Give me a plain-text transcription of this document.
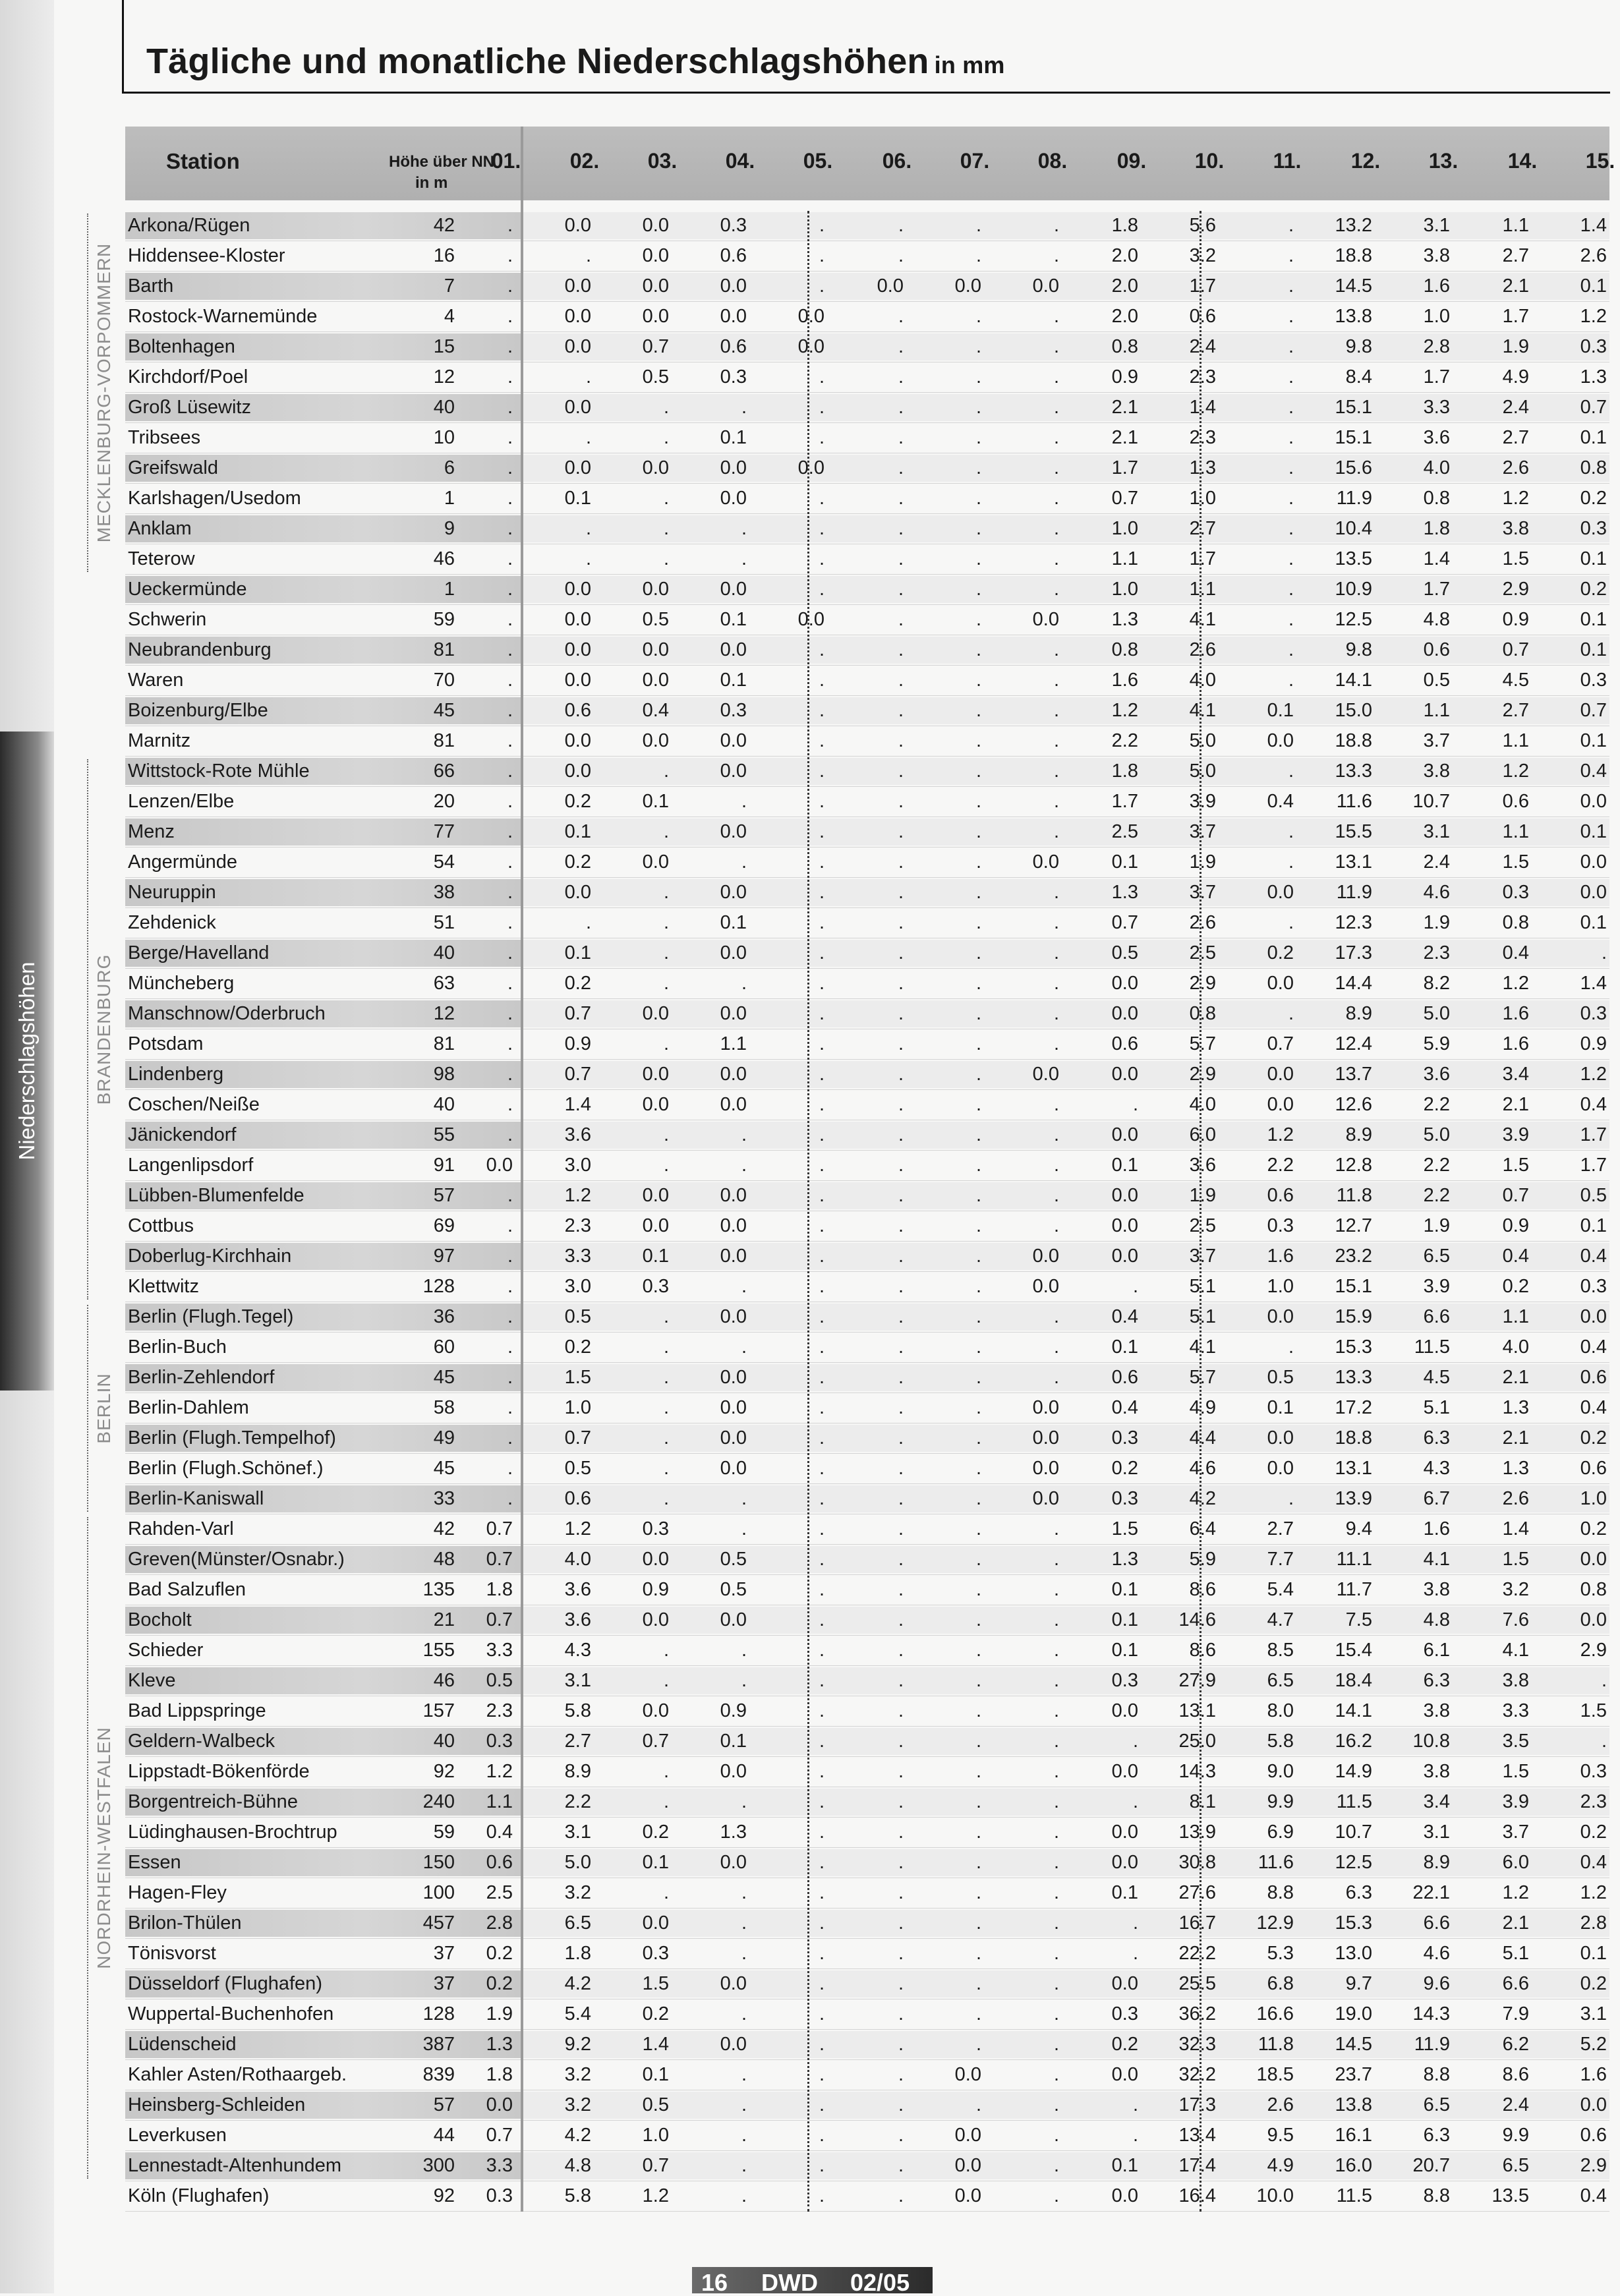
Niederschlagshöhen
Tägliche und monatliche Niederschlagshöhen in mm
Station	Höhe über NN
in m
01. 02. 03. 04. 05. 06. 07. 08. 09. 10. 11. 12. 13. 14. 15.
Arkona/Rügen	42	.	0.0	0.0	0.3	.	.	.	.	1.8	5.6	.	13.2	3.1	1.1	1.4
Hiddensee-Kloster	16	.	.	0.0	0.6	.	.	.	.	2.0	3.2	.	18.8	3.8	2.7	2.6
Barth	7	.	0.0	0.0	0.0	.	0.0	0.0	0.0	2.0	1.7	.	14.5	1.6	2.1	0.1
Rostock-Warnemünde	4	.	0.0	0.0	0.0	0.0	.	.	.	2.0	0.6	.	13.8	1.0	1.7	1.2
Boltenhagen	15	.	0.0	0.7	0.6	0.0	.	.	.	0.8	2.4	.	9.8	2.8	1.9	0.3
Kirchdorf/Poel	12	.	.	0.5	0.3	.	.	.	.	0.9	2.3	.	8.4	1.7	4.9	1.3
Groß Lüsewitz	40	.	0.0	.	.	.	.	.	.	2.1	1.4	.	15.1	3.3	2.4	0.7
Tribsees	10	.	.	.	0.1	.	.	.	.	2.1	2.3	.	15.1	3.6	2.7	0.1
Greifswald	6	.	0.0	0.0	0.0	0.0	.	.	.	1.7	1.3	.	15.6	4.0	2.6	0.8
Karlshagen/Usedom	1	.	0.1	.	0.0	.	.	.	.	0.7	1.0	.	11.9	0.8	1.2	0.2
Anklam	9	.	.	.	.	.	.	.	.	1.0	2.7	.	10.4	1.8	3.8	0.3
Teterow	46	.	.	.	.	.	.	.	.	1.1	1.7	.	13.5	1.4	1.5	0.1
Ueckermünde	1	.	0.0	0.0	0.0	.	.	.	.	1.0	1.1	.	10.9	1.7	2.9	0.2
Schwerin	59	.	0.0	0.5	0.1	0.0	.	.	0.0	1.3	4.1	.	12.5	4.8	0.9	0.1
Neubrandenburg	81	.	0.0	0.0	0.0	.	.	.	.	0.8	2.6	.	9.8	0.6	0.7	0.1
Waren	70	.	0.0	0.0	0.1	.	.	.	.	1.6	4.0	.	14.1	0.5	4.5	0.3
Boizenburg/Elbe	45	.	0.6	0.4	0.3	.	.	.	.	1.2	4.1	0.1	15.0	1.1	2.7	0.7
Marnitz	81	.	0.0	0.0	0.0	.	.	.	.	2.2	5.0	0.0	18.8	3.7	1.1	0.1
Wittstock-Rote Mühle	66	.	0.0	.	0.0	.	.	.	.	1.8	5.0	.	13.3	3.8	1.2	0.4
Lenzen/Elbe	20	.	0.2	0.1	.	.	.	.	.	1.7	3.9	0.4	11.6	10.7	0.6	0.0
Menz	77	.	0.1	.	0.0	.	.	.	.	2.5	3.7	.	15.5	3.1	1.1	0.1
Angermünde	54	.	0.2	0.0	.	.	.	.	0.0	0.1	1.9	.	13.1	2.4	1.5	0.0
Neuruppin	38	.	0.0	.	0.0	.	.	.	.	1.3	3.7	0.0	11.9	4.6	0.3	0.0
Zehdenick	51	.	.	.	0.1	.	.	.	.	0.7	2.6	.	12.3	1.9	0.8	0.1
Berge/Havelland	40	.	0.1	.	0.0	.	.	.	.	0.5	2.5	0.2	17.3	2.3	0.4	.
Müncheberg	63	.	0.2	.	.	.	.	.	.	0.0	2.9	0.0	14.4	8.2	1.2	1.4
Manschnow/Oderbruch	12	.	0.7	0.0	0.0	.	.	.	.	0.0	0.8	.	8.9	5.0	1.6	0.3
Potsdam	81	.	0.9	.	1.1	.	.	.	.	0.6	5.7	0.7	12.4	5.9	1.6	0.9
Lindenberg	98	.	0.7	0.0	0.0	.	.	.	0.0	0.0	2.9	0.0	13.7	3.6	3.4	1.2
Coschen/Neiße	40	.	1.4	0.0	0.0	.	.	.	.	.	4.0	0.0	12.6	2.2	2.1	0.4
Jänickendorf	55	.	3.6	.	.	.	.	.	.	0.0	6.0	1.2	8.9	5.0	3.9	1.7
Langenlipsdorf	91	0.0	3.0	.	.	.	.	.	.	0.1	3.6	2.2	12.8	2.2	1.5	1.7
Lübben-Blumenfelde	57	.	1.2	0.0	0.0	.	.	.	.	0.0	1.9	0.6	11.8	2.2	0.7	0.5
Cottbus	69	.	2.3	0.0	0.0	.	.	.	.	0.0	2.5	0.3	12.7	1.9	0.9	0.1
Doberlug-Kirchhain	97	.	3.3	0.1	0.0	.	.	.	0.0	0.0	3.7	1.6	23.2	6.5	0.4	0.4
Klettwitz	128	.	3.0	0.3	.	.	.	.	0.0	.	5.1	1.0	15.1	3.9	0.2	0.3
Berlin (Flugh.Tegel)	36	.	0.5	.	0.0	.	.	.	.	0.4	5.1	0.0	15.9	6.6	1.1	0.0
Berlin-Buch	60	.	0.2	.	.	.	.	.	.	0.1	4.1	.	15.3	11.5	4.0	0.4
Berlin-Zehlendorf	45	.	1.5	.	0.0	.	.	.	.	0.6	5.7	0.5	13.3	4.5	2.1	0.6
Berlin-Dahlem	58	.	1.0	.	0.0	.	.	.	0.0	0.4	4.9	0.1	17.2	5.1	1.3	0.4
Berlin (Flugh.Tempelhof)	49	.	0.7	.	0.0	.	.	.	0.0	0.3	4.4	0.0	18.8	6.3	2.1	0.2
Berlin (Flugh.Schönef.)	45	.	0.5	.	0.0	.	.	.	0.0	0.2	4.6	0.0	13.1	4.3	1.3	0.6
Berlin-Kaniswall	33	.	0.6	.	.	.	.	.	0.0	0.3	4.2	.	13.9	6.7	2.6	1.0
Rahden-Varl	42	0.7	1.2	0.3	.	.	.	.	.	1.5	6.4	2.7	9.4	1.6	1.4	0.2
Greven(Münster/Osnabr.)	48	0.7	4.0	0.0	0.5	.	.	.	.	1.3	5.9	7.7	11.1	4.1	1.5	0.0
Bad Salzuflen	135	1.8	3.6	0.9	0.5	.	.	.	.	0.1	8.6	5.4	11.7	3.8	3.2	0.8
Bocholt	21	0.7	3.6	0.0	0.0	.	.	.	.	0.1	14.6	4.7	7.5	4.8	7.6	0.0
Schieder	155	3.3	4.3	.	.	.	.	.	.	0.1	8.6	8.5	15.4	6.1	4.1	2.9
Kleve	46	0.5	3.1	.	.	.	.	.	.	0.3	27.9	6.5	18.4	6.3	3.8	.
Bad Lippspringe	157	2.3	5.8	0.0	0.9	.	.	.	.	0.0	13.1	8.0	14.1	3.8	3.3	1.5
Geldern-Walbeck	40	0.3	2.7	0.7	0.1	.	.	.	.	.	25.0	5.8	16.2	10.8	3.5	.
Lippstadt-Bökenförde	92	1.2	8.9	.	0.0	.	.	.	.	0.0	14.3	9.0	14.9	3.8	1.5	0.3
Borgentreich-Bühne	240	1.1	2.2	.	.	.	.	.	.	.	8.1	9.9	11.5	3.4	3.9	2.3
Lüdinghausen-Brochtrup	59	0.4	3.1	0.2	1.3	.	.	.	.	0.0	13.9	6.9	10.7	3.1	3.7	0.2
Essen	150	0.6	5.0	0.1	0.0	.	.	.	.	0.0	30.8	11.6	12.5	8.9	6.0	0.4
Hagen-Fley	100	2.5	3.2	.	.	.	.	.	.	0.1	27.6	8.8	6.3	22.1	1.2	1.2
Brilon-Thülen	457	2.8	6.5	0.0	.	.	.	.	.	.	16.7	12.9	15.3	6.6	2.1	2.8
Tönisvorst	37	0.2	1.8	0.3	.	.	.	.	.	.	22.2	5.3	13.0	4.6	5.1	0.1
Düsseldorf (Flughafen)	37	0.2	4.2	1.5	0.0	.	.	.	.	0.0	25.5	6.8	9.7	9.6	6.6	0.2
Wuppertal-Buchenhofen	128	1.9	5.4	0.2	.	.	.	.	.	0.3	36.2	16.6	19.0	14.3	7.9	3.1
Lüdenscheid	387	1.3	9.2	1.4	0.0	.	.	.	.	0.2	32.3	11.8	14.5	11.9	6.2	5.2
Kahler Asten/Rothaargeb.	839	1.8	3.2	0.1	.	.	.	0.0	.	0.0	32.2	18.5	23.7	8.8	8.6	1.6
Heinsberg-Schleiden	57	0.0	3.2	0.5	.	.	.	.	.	.	17.3	2.6	13.8	6.5	2.4	0.0
Leverkusen	44	0.7	4.2	1.0	.	.	.	0.0	.	.	13.4	9.5	16.1	6.3	9.9	0.6
Lennestadt-Altenhundem	300	3.3	4.8	0.7	.	.	.	0.0	.	0.1	17.4	4.9	16.0	20.7	6.5	2.9
Köln (Flughafen)	92	0.3	5.8	1.2	.	.	.	0.0	.	0.0	16.4	10.0	11.5	8.8	13.5	0.4
16 DWD 02/05
MECKLENBURG-VORPOMMERN
BRANDENBURG
BERLIN
NORDRHEIN-WESTFALEN
